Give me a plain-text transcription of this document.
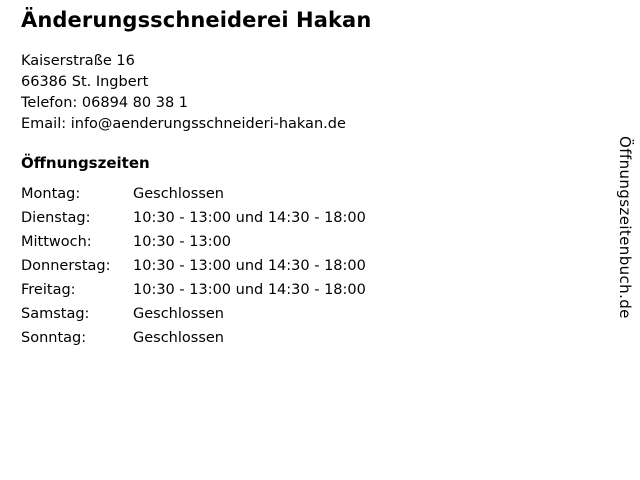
Änderungsschneiderei Hakan
Kaiserstraße 16
66386 St. Ingbert
Telefon: 06894 80 38 1
Email: info@aenderungsschneideri-hakan.de
Öffnungszeiten
Montag:	Geschlossen
Dienstag:	10:30 - 13:00 und 14:30 - 18:00
Mittwoch:	10:30 - 13:00
Donnerstag:	10:30 - 13:00 und 14:30 - 18:00
Freitag:	10:30 - 13:00 und 14:30 - 18:00
Samstag:	Geschlossen
Sonntag:	Geschlossen
Öffnungszeitenbuch.de
